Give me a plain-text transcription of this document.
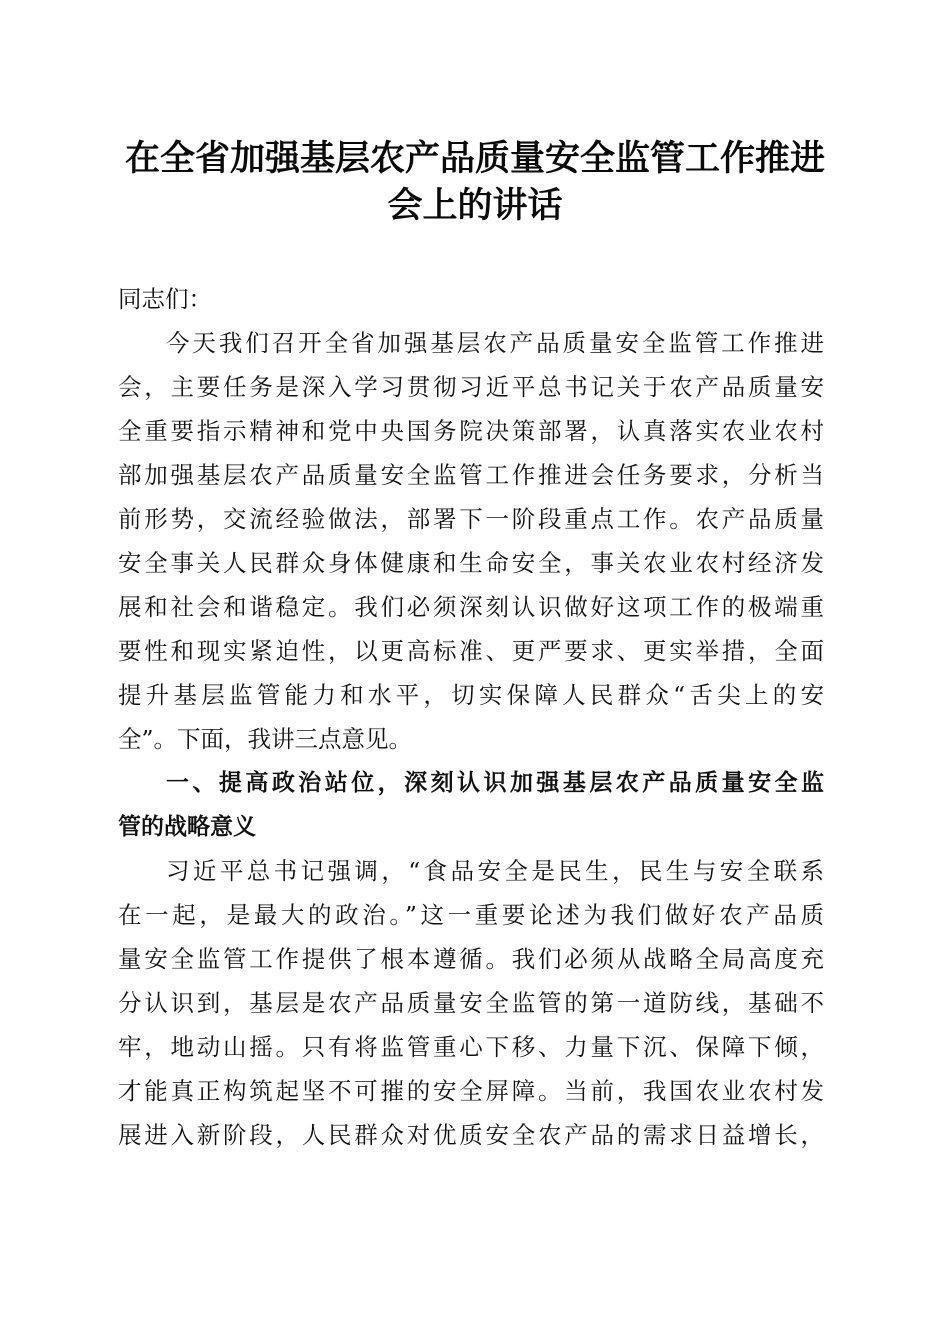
在全省加强基层农产品质量安全监管工作推进
会上的讲话
同志们：
今天我们召开全省加强基层农产品质量安全监管工作推进
会，主要任务是深入学习贯彻习近平总书记关于农产品质量安
全重要指示精神和党中央国务院决策部署，认真落实农业农村
部加强基层农产品质量安全监管工作推进会任务要求，分析当
前形势，交流经验做法，部署下一阶段重点工作。农产品质量
安全事关人民群众身体健康和生命安全，事关农业农村经济发
展和社会和谐稳定。我们必须深刻认识做好这项工作的极端重
要性和现实紧迫性，以更高标准、更严要求、更实举措，全面
提升基层监管能力和水平，切实保障人民群众“舌尖上的安
全”。下面，我讲三点意见。
一、提高政治站位，深刻认识加强基层农产品质量安全监
管的战略意义
习近平总书记强调，“食品安全是民生，民生与安全联系
在一起，是最大的政治。”这一重要论述为我们做好农产品质
量安全监管工作提供了根本遵循。我们必须从战略全局高度充
分认识到，基层是农产品质量安全监管的第一道防线，基础不
牢，地动山摇。只有将监管重心下移、力量下沉、保障下倾，
才能真正构筑起坚不可摧的安全屏障。当前，我国农业农村发
展进入新阶段，人民群众对优质安全农产品的需求日益增长，
